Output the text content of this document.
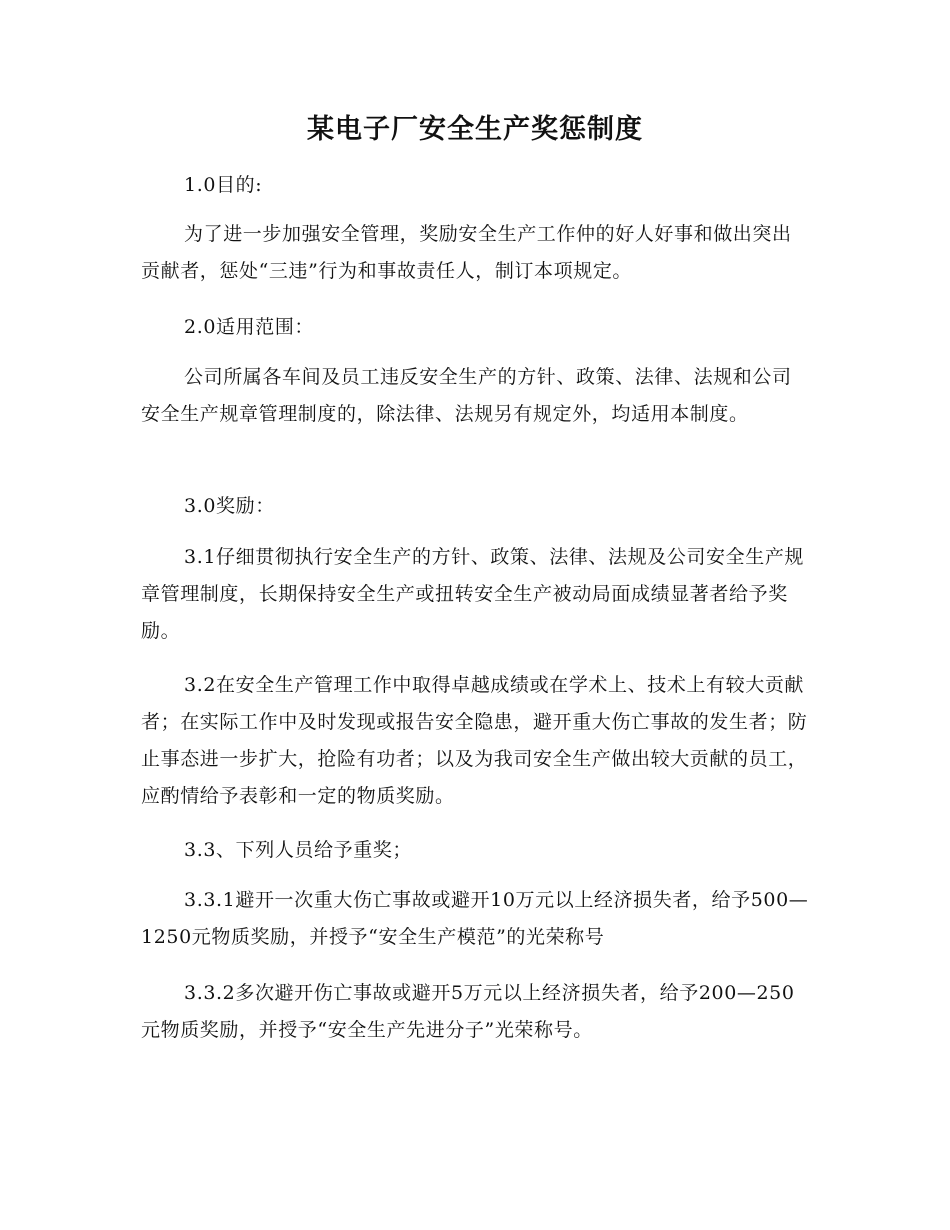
某电子厂安全生产奖惩制度

1.0目的:

为了进一步加强安全管理，奖励安全生产工作仲的好人好事和做出突出贡献者，惩处“三违”行为和事故责任人，制订本项规定。

2.0适用范围：

公司所属各车间及员工违反安全生产的方针、政策、法律、法规和公司安全生产规章管理制度的，除法律、法规另有规定外，均适用本制度。

3.0奖励：

3.1仔细贯彻执行安全生产的方针、政策、法律、法规及公司安全生产规章管理制度，长期保持安全生产或扭转安全生产被动局面成绩显著者给予奖励。

3.2在安全生产管理工作中取得卓越成绩或在学术上、技术上有较大贡献者；在实际工作中及时发现或报告安全隐患，避开重大伤亡事故的发生者；防止事态进一步扩大，抢险有功者；以及为我司安全生产做出较大贡献的员工，应酌情给予表彰和一定的物质奖励。

3.3、下列人员给予重奖；

3.3.1避开一次重大伤亡事故或避开10万元以上经济损失者，给予500—1250元物质奖励，并授予“安全生产模范”的光荣称号

3.3.2多次避开伤亡事故或避开5万元以上经济损失者，给予200—250元物质奖励，并授予“安全生产先进分子”光荣称号。
